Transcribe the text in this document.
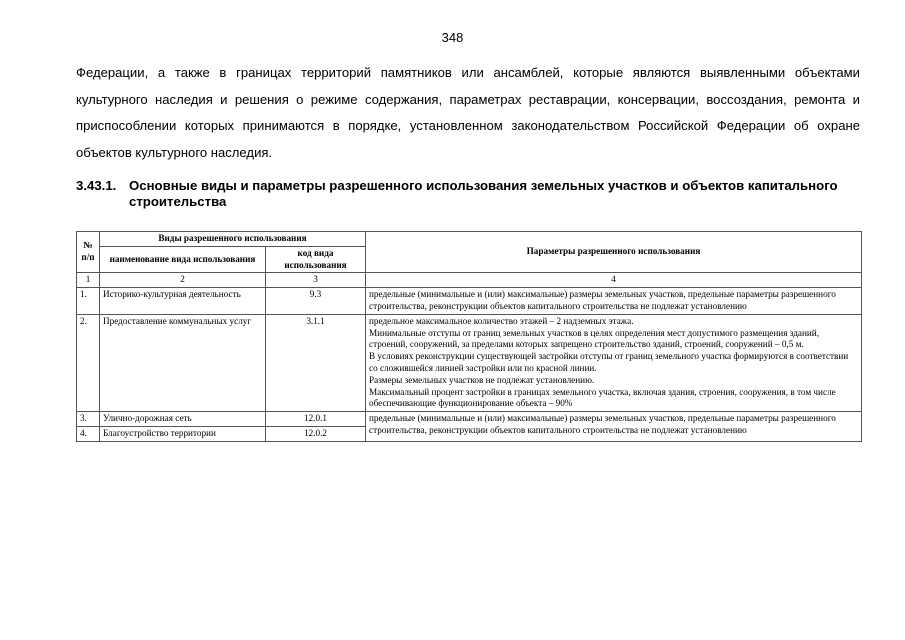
348

Федерации, а также в границах территорий памятников или ансамблей, которые являются выявленными объектами культурного наследия и решения о режиме содержания, параметрах реставрации, консервации, воссоздания, ремонта и приспособлении которых принимаются в порядке, установленном законодательством Российской Федерации об охране объектов культурного наследия.

3.43.1. Основные виды и параметры разрешенного использования земельных участков и объектов капитального
строительства
№ п/п	Виды разрешенного использования		Параметры разрешенного использования
	наименование вида использования	код вида использования	
1	2	3	4
1.	Историко-культурная деятельность	9.3	предельные (минимальные и (или) максимальные) размеры земельных участков, предельные параметры разрешенного строительства, реконструкции объектов капитального строительства не подлежат установлению
2.	Предоставление коммунальных услуг	3.1.1	предельное максимальное количество этажей – 2 надземных этажа.
Минимальные отступы от границ земельных участков в целях определения мест допустимого размещения зданий, строений, сооружений, за пределами которых запрещено строительство зданий, строений, сооружений – 0,5 м.
В условиях реконструкции существующей застройки отступы от границ земельного участка формируются в соответствии со сложившейся линией застройки или по красной линии.
Размеры земельных участков не подлежат установлению.
Максимальный процент застройки в границах земельного участка, включая здания, строения, сооружения, в том числе обеспечивающие функционирование объекта – 90%

3.	Улично-дорожная сеть	12.0.1	предельные (минимальные и (или) максимальные) размеры земельных участков, предельные параметры разрешенного строительства, реконструкции объектов капитального строительства не подлежат установлению
4.	Благоустройство территории	12.0.2	
